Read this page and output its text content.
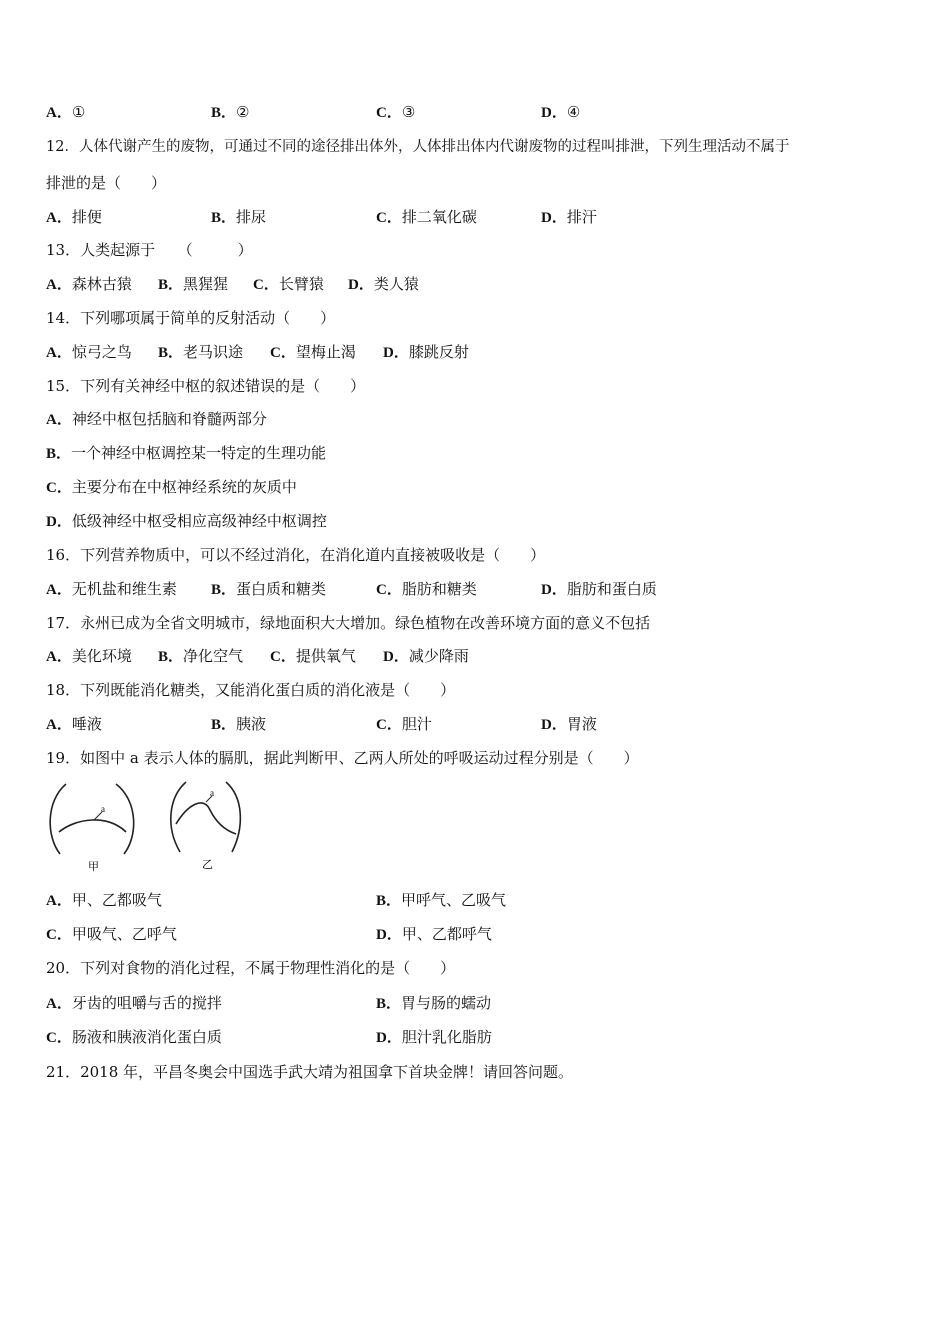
A．①	B．②	C．③	D．④
12．人体代谢产生的废物，可通过不同的途径排出体外，人体排出体内代谢废物的过程叫排泄，下列生理活动不属于
排泄的是（　　）
A．排便	B．排尿	C．排二氧化碳	D．排汗
13．人类起源于　　（　　　）
A．森林古猿 B．黑猩猩 C．长臂猿 D．类人猿
14．下列哪项属于简单的反射活动（　　）
A．惊弓之鸟 B．老马识途 C．望梅止渴 D．膝跳反射
15．下列有关神经中枢的叙述错误的是（　　）
A．神经中枢包括脑和脊髓两部分
B．一个神经中枢调控某一特定的生理功能
C．主要分布在中枢神经系统的灰质中
D．低级神经中枢受相应高级神经中枢调控
16．下列营养物质中，可以不经过消化，在消化道内直接被吸收是（　　）
A．无机盐和维生素 B．蛋白质和糖类	C．脂肪和糖类	D．脂肪和蛋白质
17．永州已成为全省文明城市，绿地面积大大增加。绿色植物在改善环境方面的意义不包括
A．美化环境 B．净化空气 C．提供氧气 D．减少降雨
18．下列既能消化糖类，又能消化蛋白质的消化液是（　　）
A．唾液	B．胰液	C．胆汁	D．胃液
19．如图中 a 表示人体的膈肌，据此判断甲、乙两人所处的呼吸运动过程分别是（　　）
a
a
甲	乙
A．甲、乙都吸气	B．甲呼气、乙吸气
C．甲吸气、乙呼气	D．甲、乙都呼气
20．下列对食物的消化过程，不属于物理性消化的是（　　）
A．牙齿的咀嚼与舌的搅拌	B．胃与肠的蠕动
C．肠液和胰液消化蛋白质	D．胆汁乳化脂肪
21．2018 年，平昌冬奥会中国选手武大靖为祖国拿下首块金牌！请回答问题。
